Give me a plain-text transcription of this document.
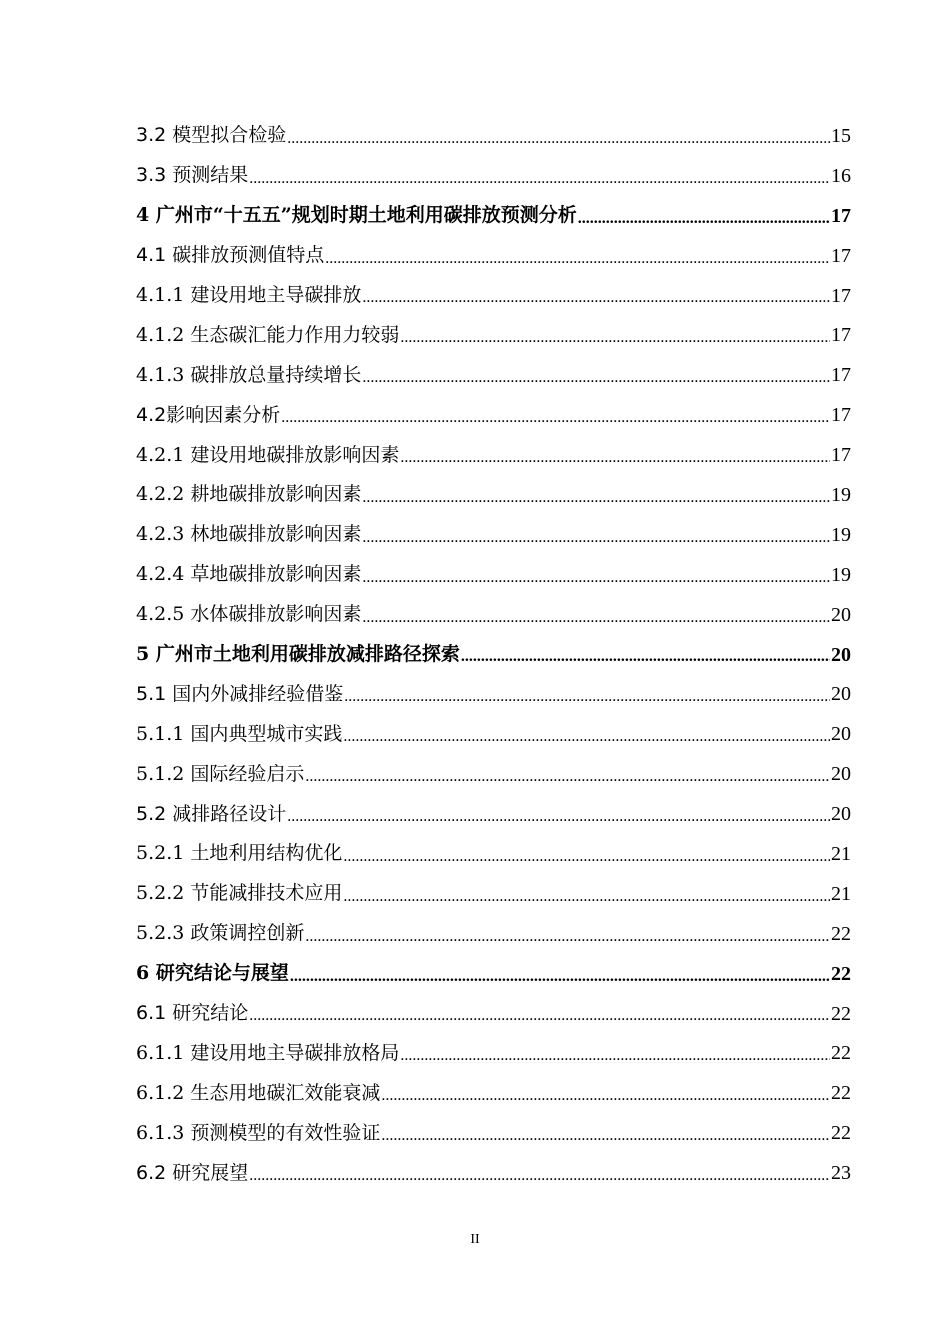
3.2 模型拟合检验 .....	15
3.3 预测结果 .....	16
4 广州市“十五五”规划时期土地利用碳排放预测分析 .....	17
4.1 碳排放预测值特点 .....	17
4.1.1 建设用地主导碳排放 .....	17
4.1.2 生态碳汇能力作用力较弱 .....	17
4.1.3 碳排放总量持续增长 .....	17
4.2影响因素分析 .....	17
4.2.1 建设用地碳排放影响因素 .....	17
4.2.2 耕地碳排放影响因素 .....	19
4.2.3 林地碳排放影响因素 .....	19
4.2.4 草地碳排放影响因素 .....	19
4.2.5 水体碳排放影响因素 .....	20
5 广州市土地利用碳排放减排路径探索 .....	20
5.1 国内外减排经验借鉴 .....	20
5.1.1 国内典型城市实践 .....	20
5.1.2 国际经验启示 .....	20
5.2 减排路径设计 .....	20
5.2.1 土地利用结构优化 .....	21
5.2.2 节能减排技术应用 .....	21
5.2.3 政策调控创新 .....	22
6 研究结论与展望 .....	22
6.1 研究结论 .....	22
6.1.1 建设用地主导碳排放格局 .....	22
6.1.2 生态用地碳汇效能衰减 .....	22
6.1.3 预测模型的有效性验证 .....	22
6.2 研究展望 .....	23
II
